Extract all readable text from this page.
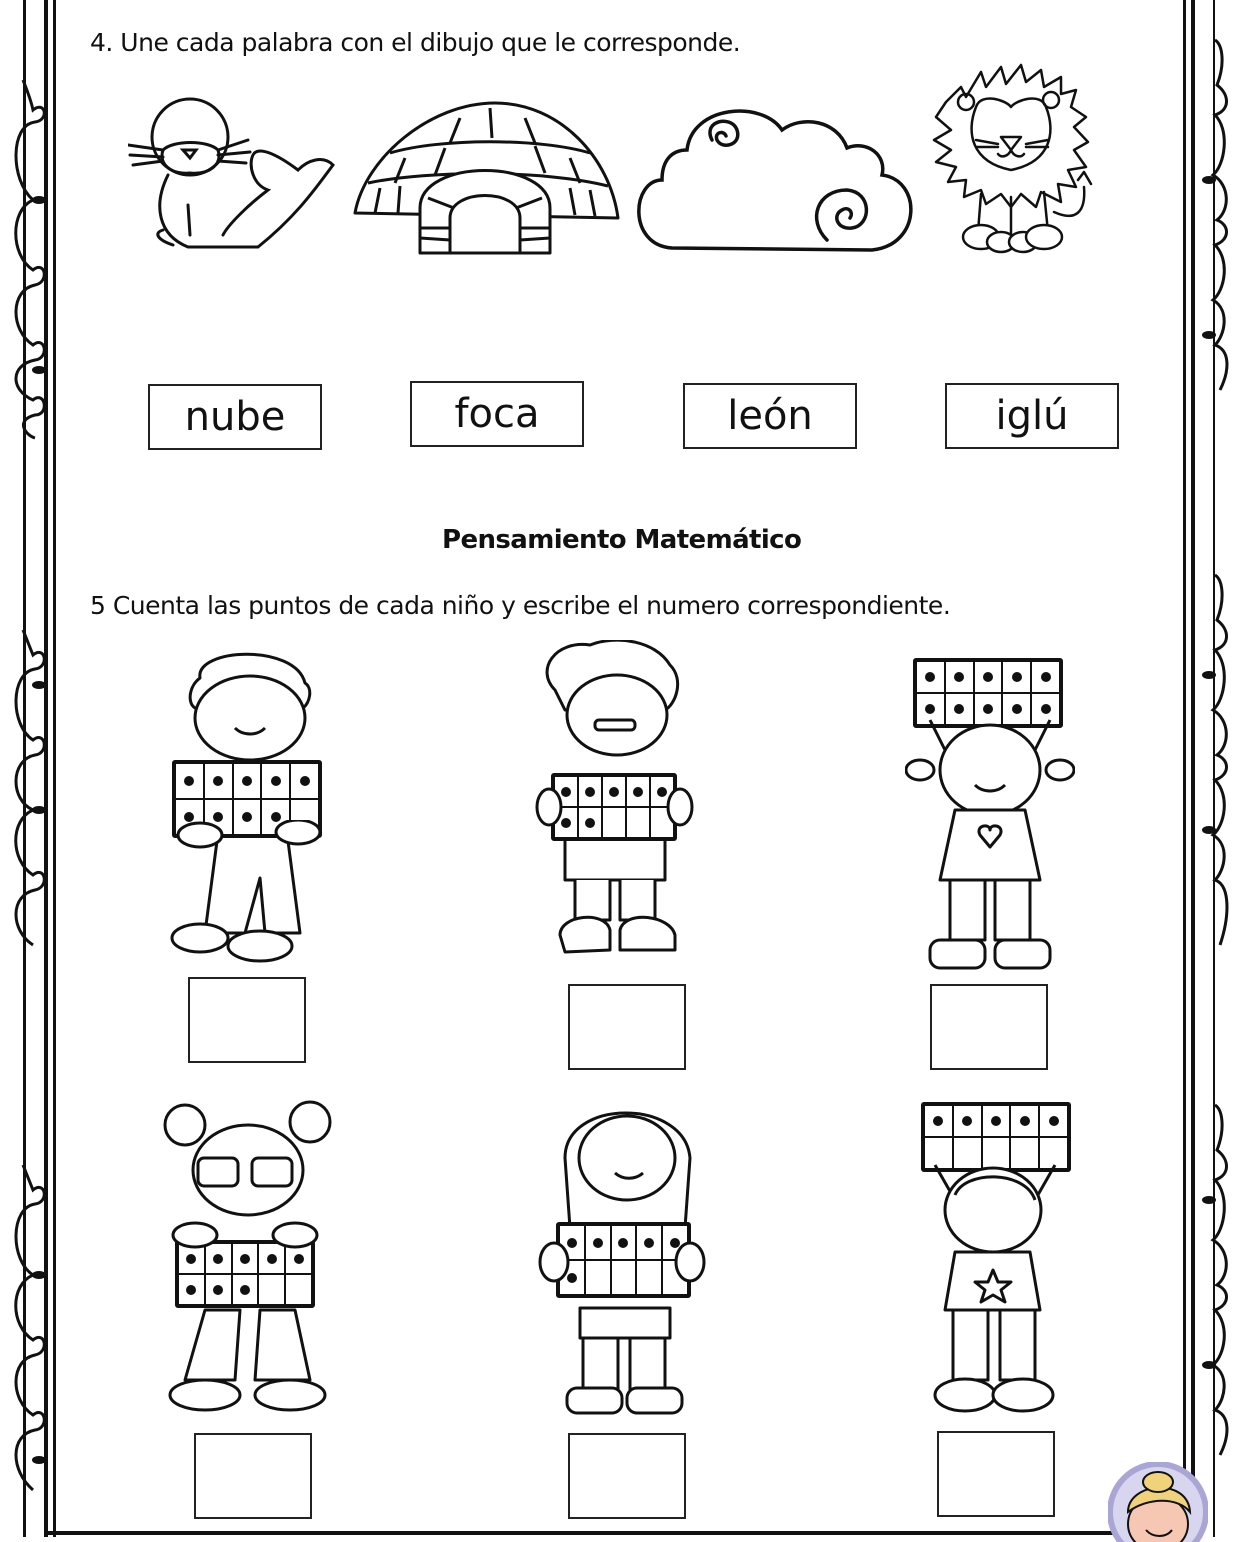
4. Une cada palabra con el dibujo que le corresponde.
nube	foca	león	iglú
Pensamiento Matemático
5 Cuenta las puntos de cada niño y escribe el numero correspondiente.
